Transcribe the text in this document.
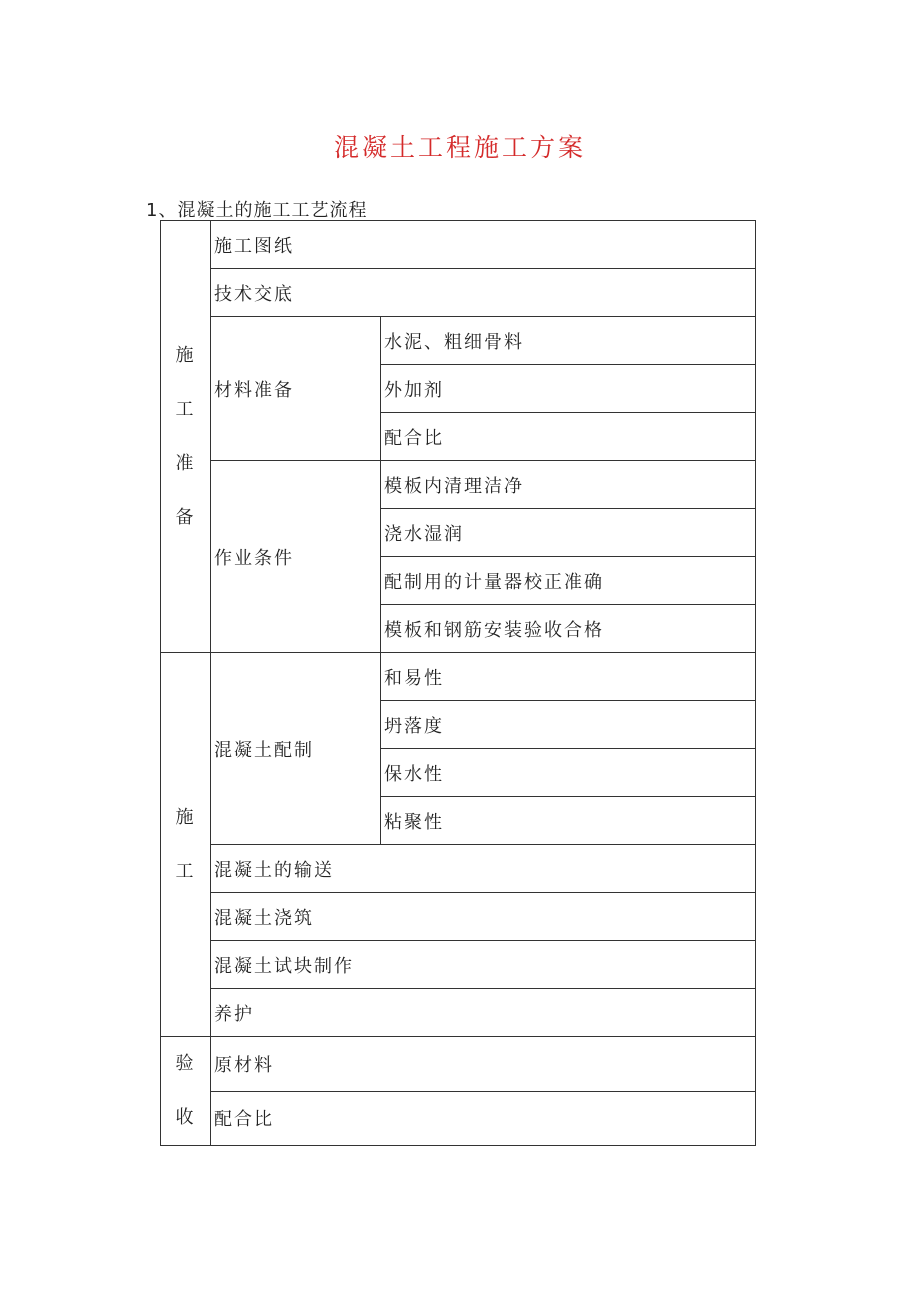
混凝土工程施工方案
1、混凝土的施工工艺流程
施
工
准
备	施工图纸	
	技术交底	
	材料准备	水泥、粗细骨料
		外加剂
		配合比
	作业条件	模板内清理洁净
		浇水湿润
		配制用的计量器校正准确
		模板和钢筋安装验收合格
施
工	混凝土配制	和易性
		坍落度
		保水性
		粘聚性
	混凝土的输送	
	混凝土浇筑	
	混凝土试块制作	
	养护	
验
收	原材料	
	配合比	
